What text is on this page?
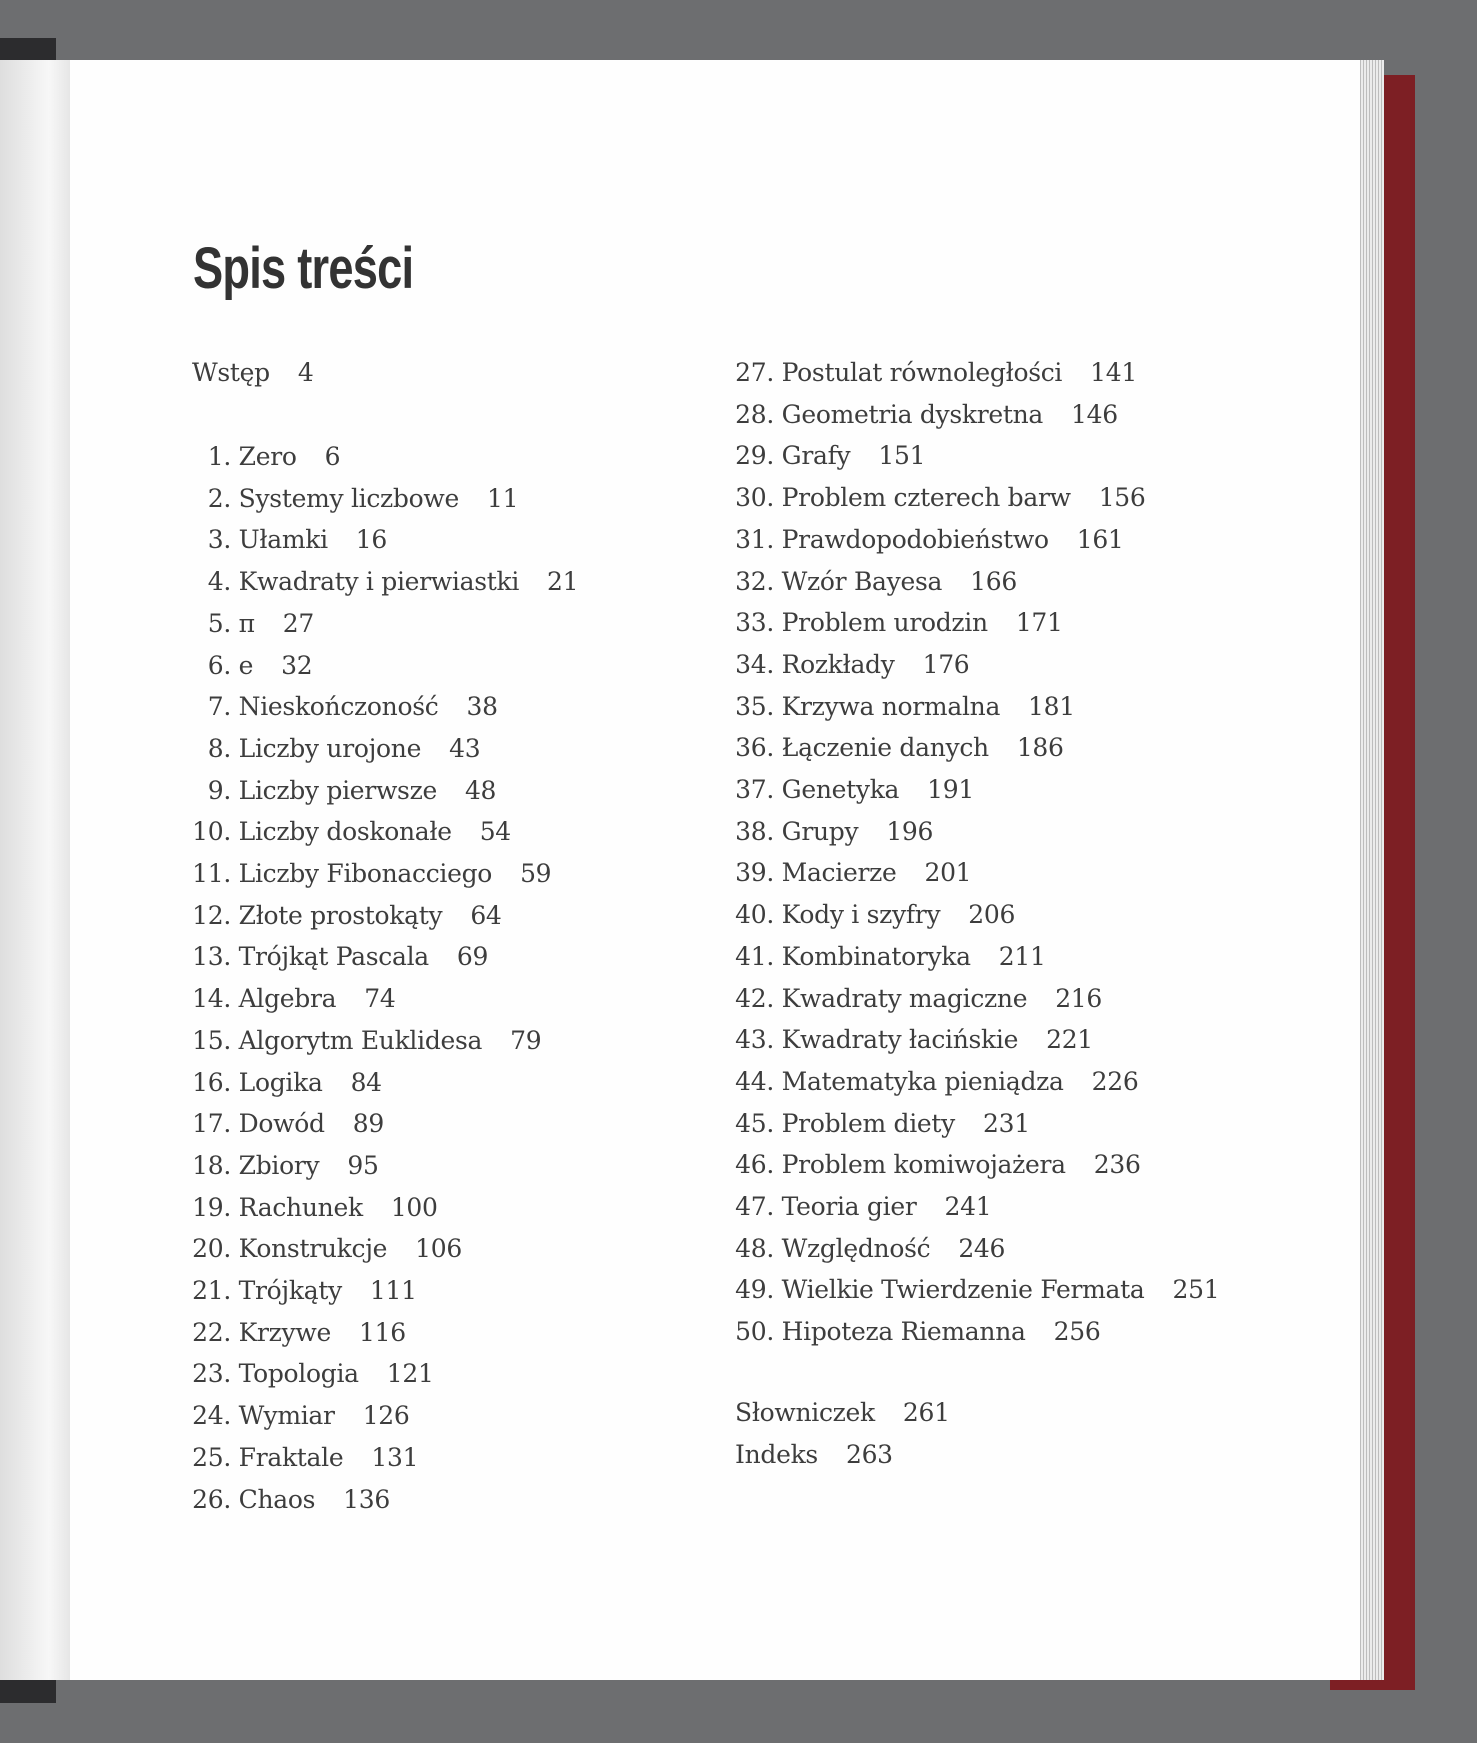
Spis treści
Wstęp 4
1. Zero 6
2. Systemy liczbowe 11
3. Ułamki 16
4. Kwadraty i pierwiastki 21
5. π 27
6. e 32
7. Nieskończoność 38
8. Liczby urojone 43
9. Liczby pierwsze 48
10. Liczby doskonałe 54
11. Liczby Fibonacciego 59
12. Złote prostokąty 64
13. Trójkąt Pascala 69
14. Algebra 74
15. Algorytm Euklidesa 79
16. Logika 84
17. Dowód 89
18. Zbiory 95
19. Rachunek 100
20. Konstrukcje 106
21. Trójkąty 111
22. Krzywe 116
23. Topologia 121
24. Wymiar 126
25. Fraktale 131
26. Chaos 136
27. Postulat równoległości 141
28. Geometria dyskretna 146
29. Grafy 151
30. Problem czterech barw 156
31. Prawdopodobieństwo 161
32. Wzór Bayesa 166
33. Problem urodzin 171
34. Rozkłady 176
35. Krzywa normalna 181
36. Łączenie danych 186
37. Genetyka 191
38. Grupy 196
39. Macierze 201
40. Kody i szyfry 206
41. Kombinatoryka 211
42. Kwadraty magiczne 216
43. Kwadraty łacińskie 221
44. Matematyka pieniądza 226
45. Problem diety 231
46. Problem komiwojażera 236
47. Teoria gier 241
48. Względność 246
49. Wielkie Twierdzenie Fermata 251
50. Hipoteza Riemanna 256
Słowniczek 261
Indeks 263
